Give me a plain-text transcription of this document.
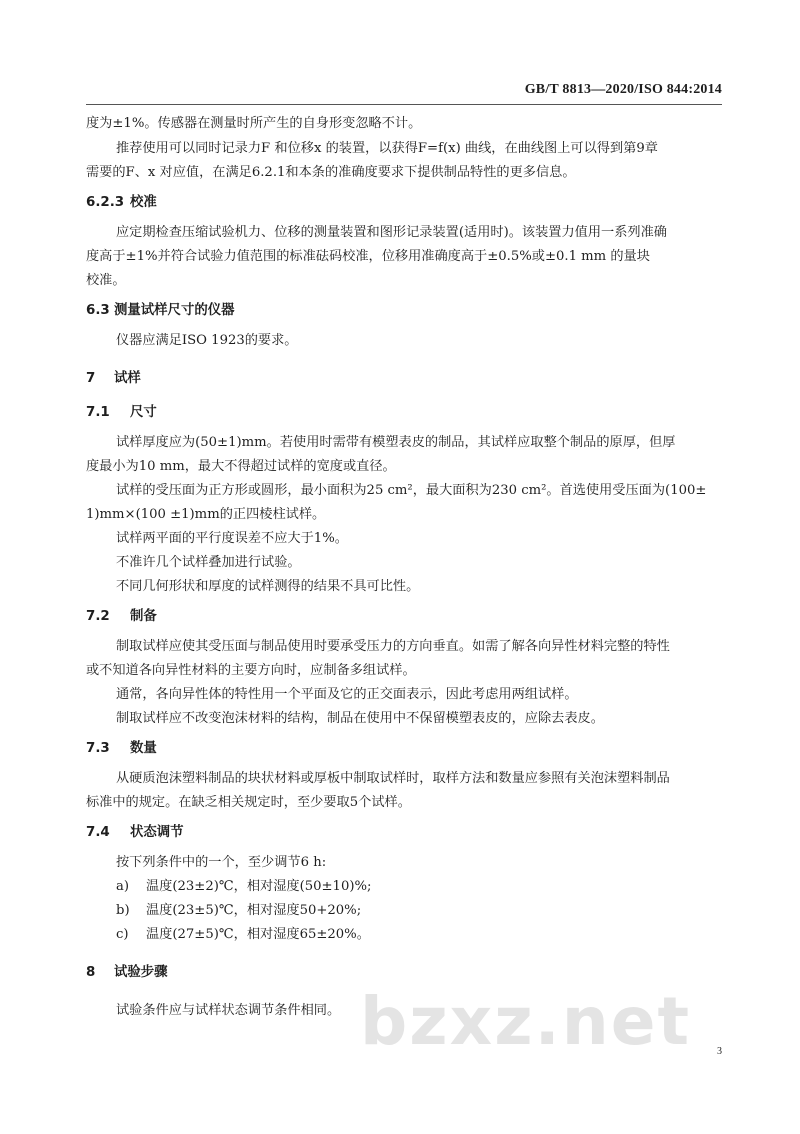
GB/T 8813—2020/ISO 844:2014

度为±1%。传感器在测量时所产生的自身形变忽略不计。

推荐使用可以同时记录力F 和位移x 的装置，以获得F=f(x) 曲线，在曲线图上可以得到第9章

需要的F、x 对应值，在满足6.2.1和本条的准确度要求下提供制品特性的更多信息。

6.2.3 校准

应定期检查压缩试验机力、位移的测量装置和图形记录装置(适用时)。该装置力值用一系列准确

度高于±1%并符合试验力值范围的标准砝码校准，位移用准确度高于±0.5%或±0.1 mm 的量块

校准。

6.3 测量试样尺寸的仪器

仪器应满足ISO 1923的要求。

7 试样
7.1 尺寸

试样厚度应为(50±1)mm。若使用时需带有模塑表皮的制品，其试样应取整个制品的原厚，但厚

度最小为10 mm，最大不得超过试样的宽度或直径。

试样的受压面为正方形或圆形，最小面积为25 cm²，最大面积为230 cm²。首选使用受压面为(100±

1)mm×(100 ±1)mm的正四棱柱试样。

试样两平面的平行度误差不应大于1%。

不准许几个试样叠加进行试验。

不同几何形状和厚度的试样测得的结果不具可比性。

7.2 制备

制取试样应使其受压面与制品使用时要承受压力的方向垂直。如需了解各向异性材料完整的特性

或不知道各向异性材料的主要方向时，应制备多组试样。

通常，各向异性体的特性用一个平面及它的正交面表示，因此考虑用两组试样。

制取试样应不改变泡沫材料的结构，制品在使用中不保留模塑表皮的，应除去表皮。

7.3 数量

从硬质泡沫塑料制品的块状材料或厚板中制取试样时，取样方法和数量应参照有关泡沫塑料制品

标准中的规定。在缺乏相关规定时，至少要取5个试样。

7.4 状态调节

按下列条件中的一个，至少调节6 h:

a) 温度(23±2)℃，相对湿度(50±10)%;

b) 温度(23±5)℃，相对湿度50+20%;

c) 温度(27±5)℃，相对湿度65±20%。

8 试验步骤

试验条件应与试样状态调节条件相同。 bzxz.net	3
